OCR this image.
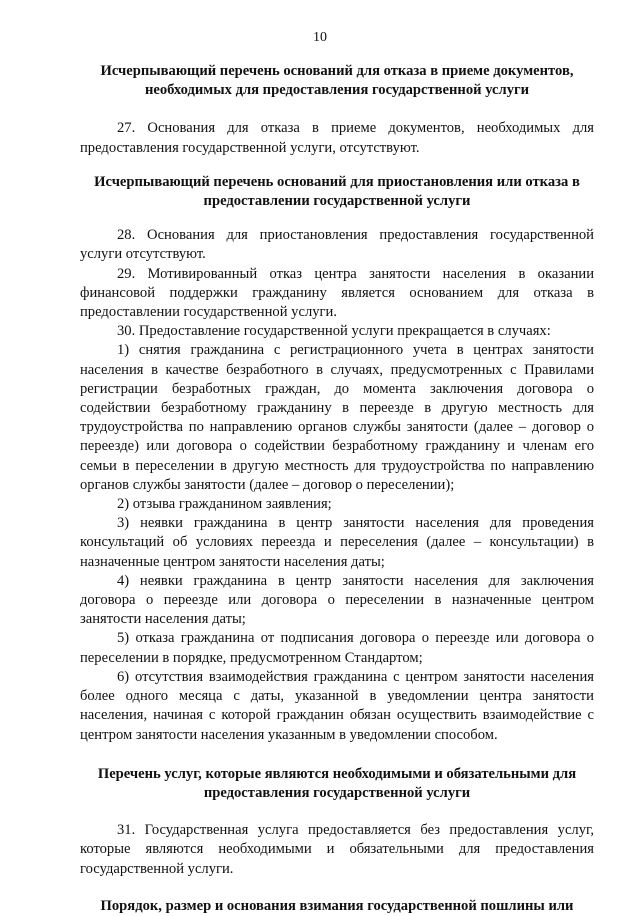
10
Исчерпывающий перечень оснований для отказа в приеме документов, необходимых для предоставления государственной услуги

27. Основания для отказа в приеме документов, необходимых для предоставления государственной услуги, отсутствуют.

Исчерпывающий перечень оснований для приостановления или отказа в предоставлении государственной услуги

28. Основания для приостановления предоставления государственной услуги отсутствуют.

29. Мотивированный отказ центра занятости населения в оказании финансовой поддержки гражданину является основанием для отказа в предоставлении государственной услуги.

30. Предоставление государственной услуги прекращается в случаях:

1) снятия гражданина с регистрационного учета в центрах занятости населения в качестве безработного в случаях, предусмотренных с Правилами регистрации безработных граждан, до момента заключения договора о содействии безработному гражданину в переезде в другую местность для трудоустройства по направлению органов службы занятости (далее – договор о переезде) или договора о содействии безработному гражданину и членам его семьи в переселении в другую местность для трудоустройства по направлению органов службы занятости (далее – договор о переселении);

2) отзыва гражданином заявления;

3) неявки гражданина в центр занятости населения для проведения консультаций об условиях переезда и переселения (далее – консультации) в назначенные центром занятости населения даты;

4) неявки гражданина в центр занятости населения для заключения договора о переезде или договора о переселении в назначенные центром занятости населения даты;

5) отказа гражданина от подписания договора о переезде или договора о переселении в порядке, предусмотренном Стандартом;

6) отсутствия взаимодействия гражданина с центром занятости населения более одного месяца с даты, указанной в уведомлении центра занятости населения, начиная с которой гражданин обязан осуществить взаимодействие с центром занятости населения указанным в уведомлении способом.

Перечень услуг, которые являются необходимыми и обязательными для предоставления государственной услуги

31. Государственная услуга предоставляется без предоставления услуг, которые являются необходимыми и обязательными для предоставления государственной услуги.

Порядок, размер и основания взимания государственной пошлины или
